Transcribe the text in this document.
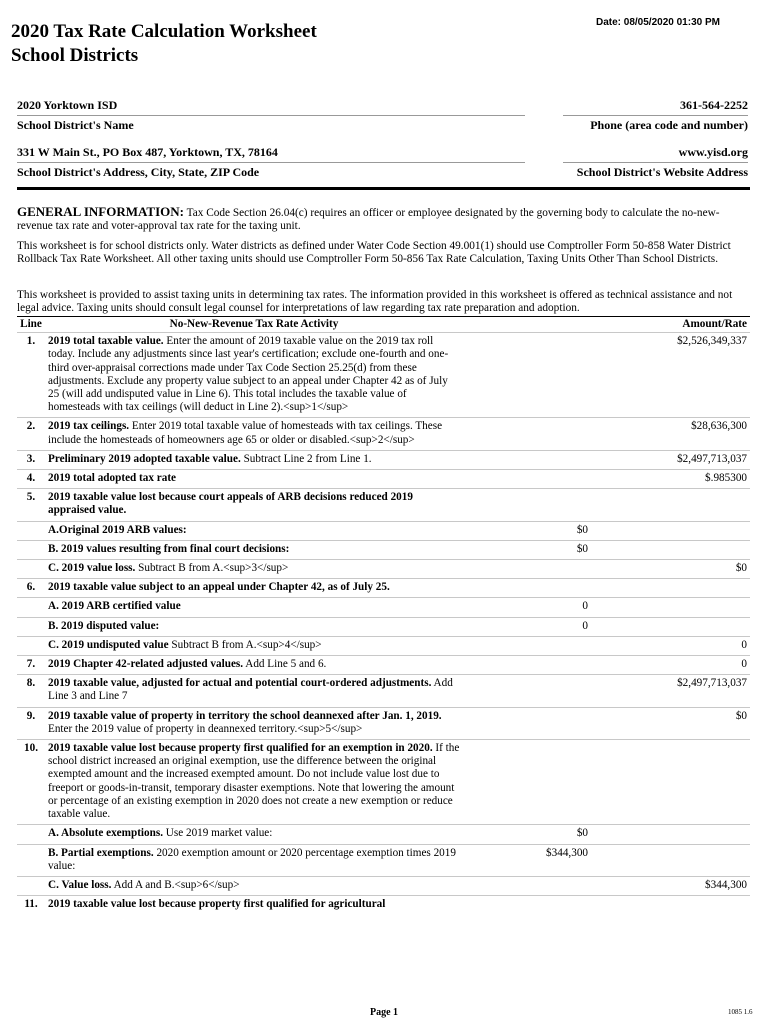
Date: 08/05/2020 01:30 PM
2020 Tax Rate Calculation Worksheet
School Districts
2020 Yorktown ISD
School District's Name
361-564-2252
Phone (area code and number)
331 W Main St., PO Box 487, Yorktown, TX, 78164
School District's Address, City, State, ZIP Code
www.yisd.org
School District's Website Address
GENERAL INFORMATION: Tax Code Section 26.04(c) requires an officer or employee designated by the governing body to calculate the no-new-revenue tax rate and voter-approval tax rate for the taxing unit.
This worksheet is for school districts only. Water districts as defined under Water Code Section 49.001(1) should use Comptroller Form 50-858 Water District Rollback Tax Rate Worksheet. All other taxing units should use Comptroller Form 50-856 Tax Rate Calculation, Taxing Units Other Than School Districts.
This worksheet is provided to assist taxing units in determining tax rates. The information provided in this worksheet is offered as technical assistance and not legal advice. Taxing units should consult legal counsel for interpretations of law regarding tax rate preparation and adoption.
Line	No-New-Revenue Tax Rate Activity		Amount/Rate
1.	2019 total taxable value. Enter the amount of 2019 taxable value on the 2019 tax roll today. Include any adjustments since last year's certification; exclude one-fourth and one-third over-appraisal corrections made under Tax Code Section 25.25(d) from these adjustments. Exclude any property value subject to an appeal under Chapter 42 as of July 25 (will add undisputed value in Line 6). This total includes the taxable value of homesteads with tax ceilings (will deduct in Line 2).<sup>1</sup>		$2,526,349,337
2.	2019 tax ceilings. Enter 2019 total taxable value of homesteads with tax ceilings. These include the homesteads of homeowners age 65 or older or disabled.<sup>2</sup>		$28,636,300
3.	Preliminary 2019 adopted taxable value. Subtract Line 2 from Line 1.		$2,497,713,037
4.	2019 total adopted tax rate		$.985300
5.	2019 taxable value lost because court appeals of ARB decisions reduced 2019 appraised value.		
	A.Original 2019 ARB values:	$0	
	B. 2019 values resulting from final court decisions:	$0	
	C. 2019 value loss. Subtract B from A.<sup>3</sup>		$0
6.	2019 taxable value subject to an appeal under Chapter 42, as of July 25.		
	A. 2019 ARB certified value	0	
	B. 2019 disputed value:	0	
	C. 2019 undisputed value Subtract B from A.<sup>4</sup>		0
7.	2019 Chapter 42-related adjusted values. Add Line 5 and 6.		0
8.	2019 taxable value, adjusted for actual and potential court-ordered adjustments. Add Line 3 and Line 7		$2,497,713,037
9.	2019 taxable value of property in territory the school deannexed after Jan. 1, 2019. Enter the 2019 value of property in deannexed territory.<sup>5</sup>		$0
10.	2019 taxable value lost because property first qualified for an exemption in 2020. If the school district increased an original exemption, use the difference between the original exempted amount and the increased exempted amount. Do not include value lost due to freeport or goods-in-transit, temporary disaster exemptions. Note that lowering the amount or percentage of an existing exemption in 2020 does not create a new exemption or reduce taxable value.		
	A. Absolute exemptions. Use 2019 market value:	$0	
	B. Partial exemptions. 2020 exemption amount or 2020 percentage exemption times 2019 value:	$344,300	
	C. Value loss. Add A and B.<sup>6</sup>		$344,300
11.	2019 taxable value lost because property first qualified for agricultural		
Page 1	1085 1.6
